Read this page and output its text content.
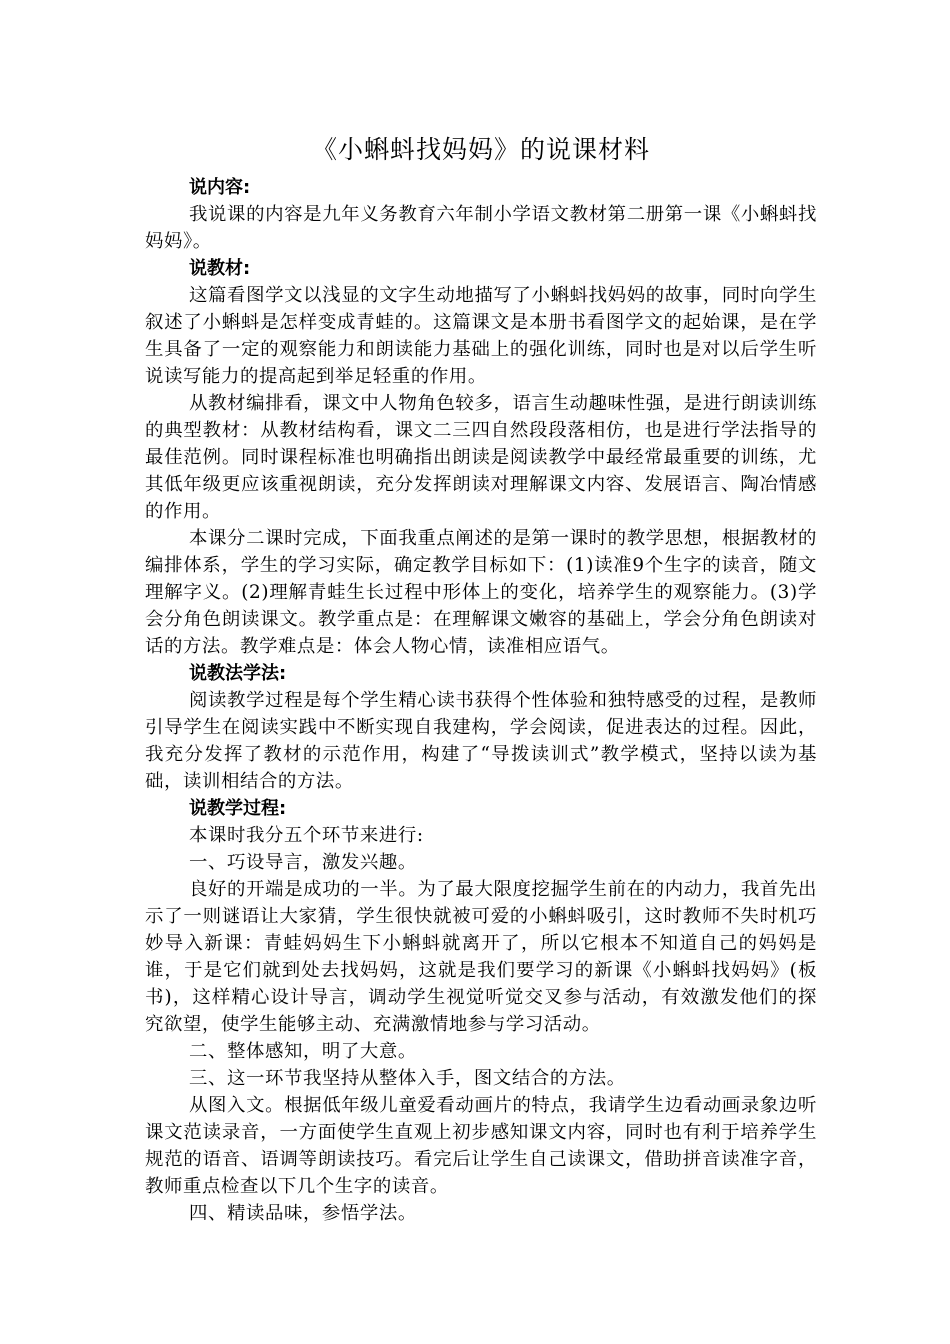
《小蝌蚪找妈妈》的说课材料
说内容:

我说课的内容是九年义务教育六年制小学语文教材第二册第一课《小蝌蚪找妈妈》。

说教材:

这篇看图学文以浅显的文字生动地描写了小蝌蚪找妈妈的故事，同时向学生叙述了小蝌蚪是怎样变成青蛙的。这篇课文是本册书看图学文的起始课，是在学生具备了一定的观察能力和朗读能力基础上的强化训练，同时也是对以后学生听说读写能力的提高起到举足轻重的作用。

从教材编排看，课文中人物角色较多，语言生动趣味性强，是进行朗读训练的典型教材：从教材结构看，课文二三四自然段段落相仿，也是进行学法指导的最佳范例。同时课程标准也明确指出朗读是阅读教学中最经常最重要的训练，尤其低年级更应该重视朗读，充分发挥朗读对理解课文内容、发展语言、陶冶情感的作用。

本课分二课时完成，下面我重点阐述的是第一课时的教学思想，根据教材的编排体系，学生的学习实际，确定教学目标如下：(1)读准9个生字的读音，随文理解字义。(2)理解青蛙生长过程中形体上的变化，培养学生的观察能力。(3)学会分角色朗读课文。教学重点是：在理解课文嫩容的基础上，学会分角色朗读对话的方法。教学难点是：体会人物心情，读准相应语气。

说教法学法:

阅读教学过程是每个学生精心读书获得个性体验和独特感受的过程，是教师引导学生在阅读实践中不断实现自我建构，学会阅读，促进表达的过程。因此，我充分发挥了教材的示范作用，构建了“导拨读训式”教学模式，坚持以读为基础，读训相结合的方法。

说教学过程:

本课时我分五个环节来进行:

一、巧设导言，激发兴趣。

良好的开端是成功的一半。为了最大限度挖掘学生前在的内动力，我首先出示了一则谜语让大家猜，学生很快就被可爱的小蝌蚪吸引，这时教师不失时机巧妙导入新课：青蛙妈妈生下小蝌蚪就离开了，所以它根本不知道自己的妈妈是谁，于是它们就到处去找妈妈，这就是我们要学习的新课《小蝌蚪找妈妈》(板书)，这样精心设计导言，调动学生视觉听觉交叉参与活动，有效激发他们的探究欲望，使学生能够主动、充满激情地参与学习活动。

二、整体感知，明了大意。

三、这一环节我坚持从整体入手，图文结合的方法。

从图入文。根据低年级儿童爱看动画片的特点，我请学生边看动画录象边听课文范读录音，一方面使学生直观上初步感知课文内容，同时也有利于培养学生规范的语音、语调等朗读技巧。看完后让学生自己读课文，借助拼音读准字音，教师重点检查以下几个生字的读音。

四、精读品味，参悟学法。
